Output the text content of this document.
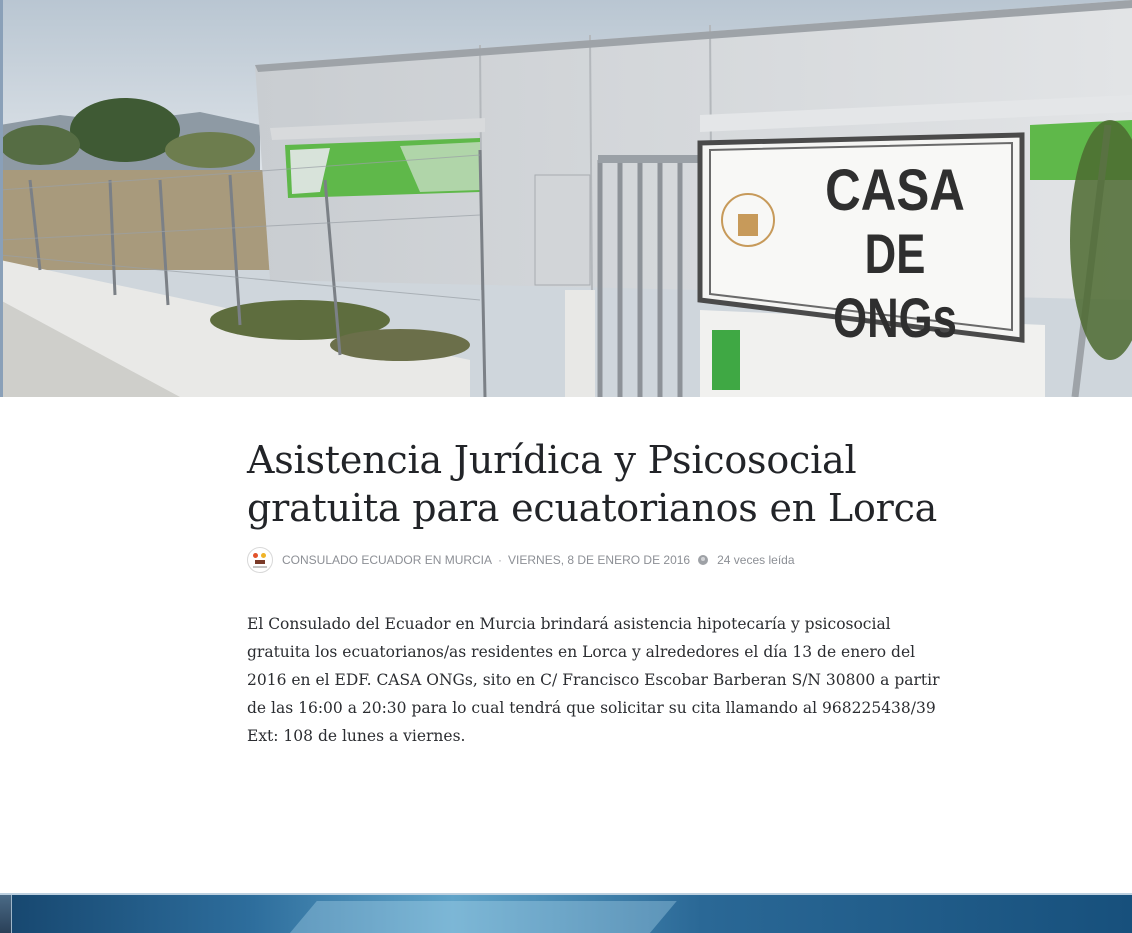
CASA
DE ONGs
Asistencia Jurídica y Psicosocial
gratuita para ecuatorianos en Lorca
CONSULADO ECUADOR EN MURCIA · VIERNES, 8 DE ENERO DE 2016 24 veces leída
El Consulado del Ecuador en Murcia brindará asistencia hipotecaría y psicosocial gratuita los ecuatorianos/as residentes en Lorca y alrededores el día 13 de enero del 2016 en el EDF. CASA ONGs, sito en C/ Francisco Escobar Barberan S/N 30800 a partir de las 16:00 a 20:30 para lo cual tendrá que solicitar su cita llamando al 968225438/39 Ext: 108 de lunes a viernes.
